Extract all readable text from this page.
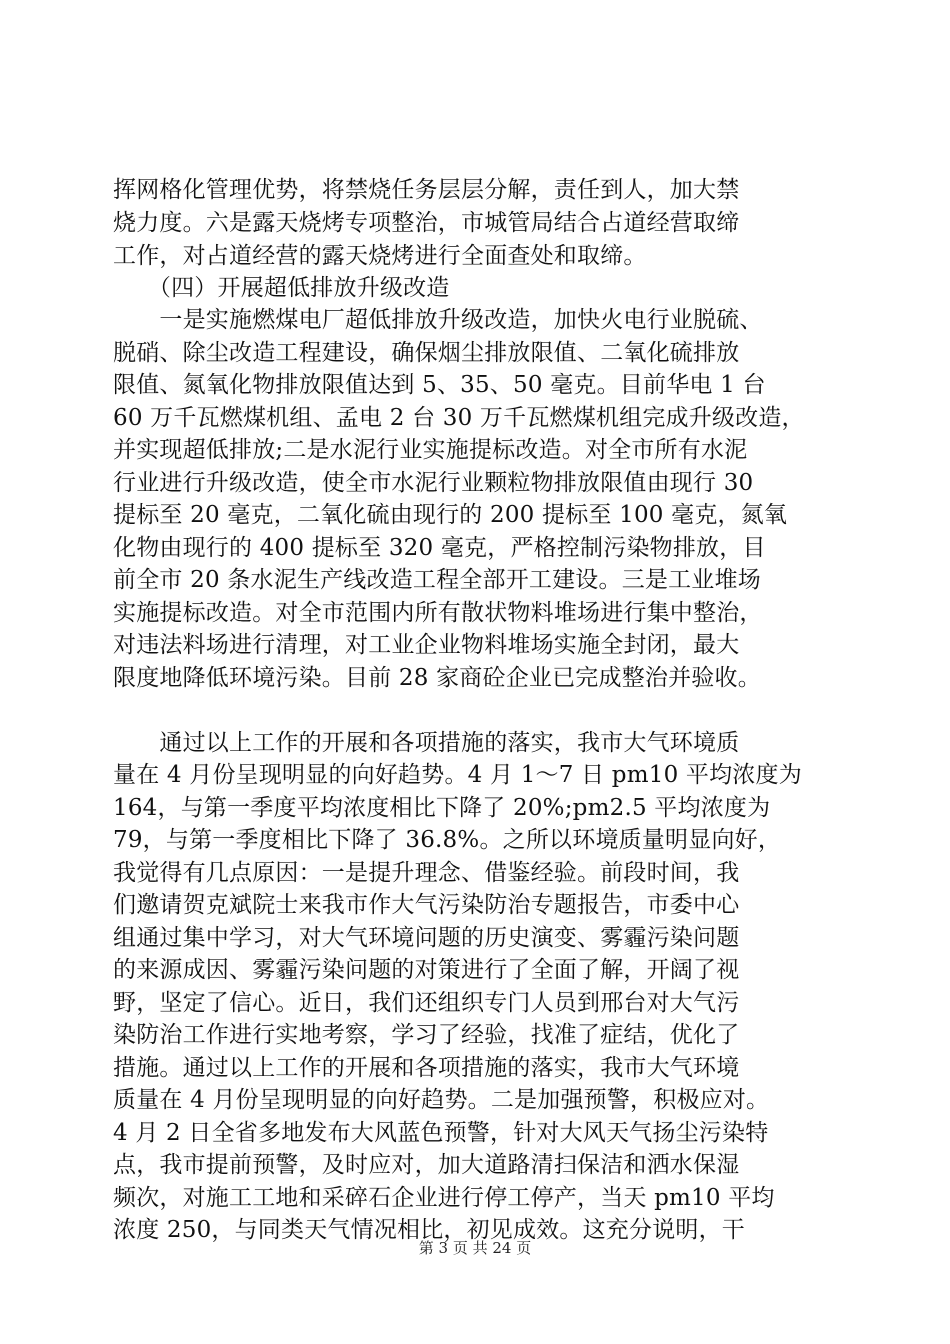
挥网格化管理优势，将禁烧任务层层分解，责任到人，加大禁
烧力度。六是露天烧烤专项整治，市城管局结合占道经营取缔
工作，对占道经营的露天烧烤进行全面查处和取缔。
　　（四）开展超低排放升级改造
　　一是实施燃煤电厂超低排放升级改造，加快火电行业脱硫、
脱硝、除尘改造工程建设，确保烟尘排放限值、二氧化硫排放
限值、氮氧化物排放限值达到 5、35、50 毫克。目前华电 1 台
60 万千瓦燃煤机组、孟电 2 台 30 万千瓦燃煤机组完成升级改造，
并实现超低排放;二是水泥行业实施提标改造。对全市所有水泥
行业进行升级改造，使全市水泥行业颗粒物排放限值由现行 30
提标至 20 毫克，二氧化硫由现行的 200 提标至 100 毫克，氮氧
化物由现行的 400 提标至 320 毫克，严格控制污染物排放，目
前全市 20 条水泥生产线改造工程全部开工建设。三是工业堆场
实施提标改造。对全市范围内所有散状物料堆场进行集中整治，
对违法料场进行清理，对工业企业物料堆场实施全封闭，最大
限度地降低环境污染。目前 28 家商砼企业已完成整治并验收。
　　通过以上工作的开展和各项措施的落实，我市大气环境质
量在 4 月份呈现明显的向好趋势。4 月 1～7 日 pm10 平均浓度为
164，与第一季度平均浓度相比下降了 20%;pm2.5 平均浓度为
79，与第一季度相比下降了 36.8%。之所以环境质量明显向好，
我觉得有几点原因：一是提升理念、借鉴经验。前段时间，我
们邀请贺克斌院士来我市作大气污染防治专题报告，市委中心
组通过集中学习，对大气环境问题的历史演变、雾霾污染问题
的来源成因、雾霾污染问题的对策进行了全面了解，开阔了视
野，坚定了信心。近日，我们还组织专门人员到邢台对大气污
染防治工作进行实地考察，学习了经验，找准了症结，优化了
措施。通过以上工作的开展和各项措施的落实，我市大气环境
质量在 4 月份呈现明显的向好趋势。二是加强预警，积极应对。
4 月 2 日全省多地发布大风蓝色预警，针对大风天气扬尘污染特
点，我市提前预警，及时应对，加大道路清扫保洁和洒水保湿
频次，对施工工地和采碎石企业进行停工停产，当天 pm10 平均
浓度 250，与同类天气情况相比，初见成效。这充分说明，干
第 3 页 共 24 页
